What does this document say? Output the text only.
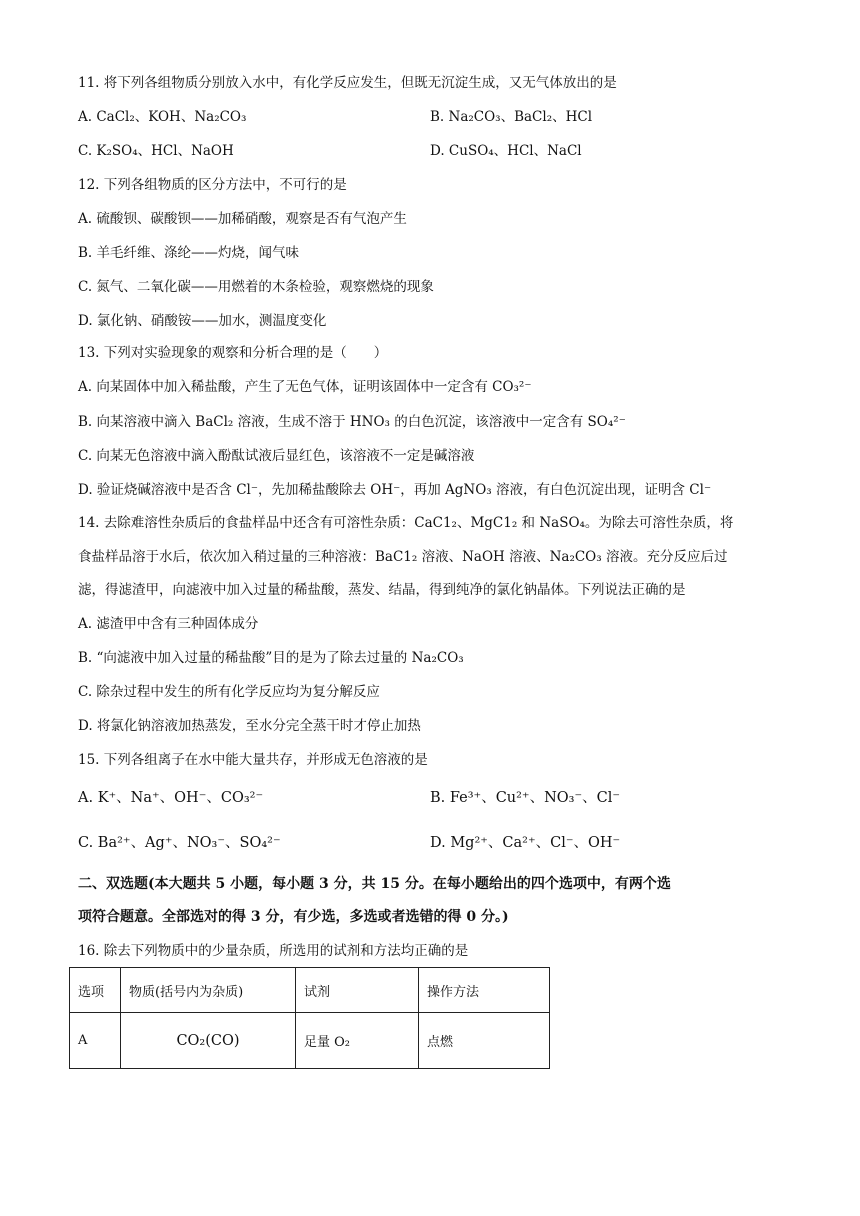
11. 将下列各组物质分别放入水中，有化学反应发生，但既无沉淀生成，又无气体放出的是
A. CaCl₂、KOH、Na₂CO₃	B. Na₂CO₃、BaCl₂、HCl
C. K₂SO₄、HCl、NaOH	D. CuSO₄、HCl、NaCl
12. 下列各组物质的区分方法中，不可行的是
A. 硫酸钡、碳酸钡——加稀硝酸，观察是否有气泡产生
B. 羊毛纤维、涤纶——灼烧，闻气味
C. 氮气、二氧化碳——用燃着的木条检验，观察燃烧的现象
D. 氯化钠、硝酸铵——加水，测温度变化
13. 下列对实验现象的观察和分析合理的是（　　）
A. 向某固体中加入稀盐酸，产生了无色气体，证明该固体中一定含有 CO₃²⁻
B. 向某溶液中滴入 BaCl₂ 溶液，生成不溶于 HNO₃ 的白色沉淀，该溶液中一定含有 SO₄²⁻
C. 向某无色溶液中滴入酚酞试液后显红色，该溶液不一定是碱溶液
D. 验证烧碱溶液中是否含 Cl⁻，先加稀盐酸除去 OH⁻，再加 AgNO₃ 溶液，有白色沉淀出现，证明含 Cl⁻
14. 去除难溶性杂质后的食盐样品中还含有可溶性杂质：CaC1₂、MgC1₂ 和 NaSO₄。为除去可溶性杂质，将
食盐样品溶于水后，依次加入稍过量的三种溶液：BaC1₂ 溶液、NaOH 溶液、Na₂CO₃ 溶液。充分反应后过
滤，得滤渣甲，向滤液中加入过量的稀盐酸，蒸发、结晶，得到纯净的氯化钠晶体。下列说法正确的是
A. 滤渣甲中含有三种固体成分
B. “向滤液中加入过量的稀盐酸”目的是为了除去过量的 Na₂CO₃
C. 除杂过程中发生的所有化学反应均为复分解反应
D. 将氯化钠溶液加热蒸发，至水分完全蒸干时才停止加热
15. 下列各组离子在水中能大量共存，并形成无色溶液的是
A. K⁺、Na⁺、OH⁻、CO₃²⁻	B. Fe³⁺、Cu²⁺、NO₃⁻、Cl⁻
C. Ba²⁺、Ag⁺、NO₃⁻、SO₄²⁻	D. Mg²⁺、Ca²⁺、Cl⁻、OH⁻
二、双选题(本大题共 5 小题，每小题 3 分，共 15 分。在每小题给出的四个选项中，有两个选
项符合题意。全部选对的得 3 分，有少选，多选或者选错的得 0 分。)
16. 除去下列物质中的少量杂质，所选用的试剂和方法均正确的是
选项	物质(括号内为杂质)	试剂	操作方法
A	CO₂(CO)	足量 O₂	点燃
